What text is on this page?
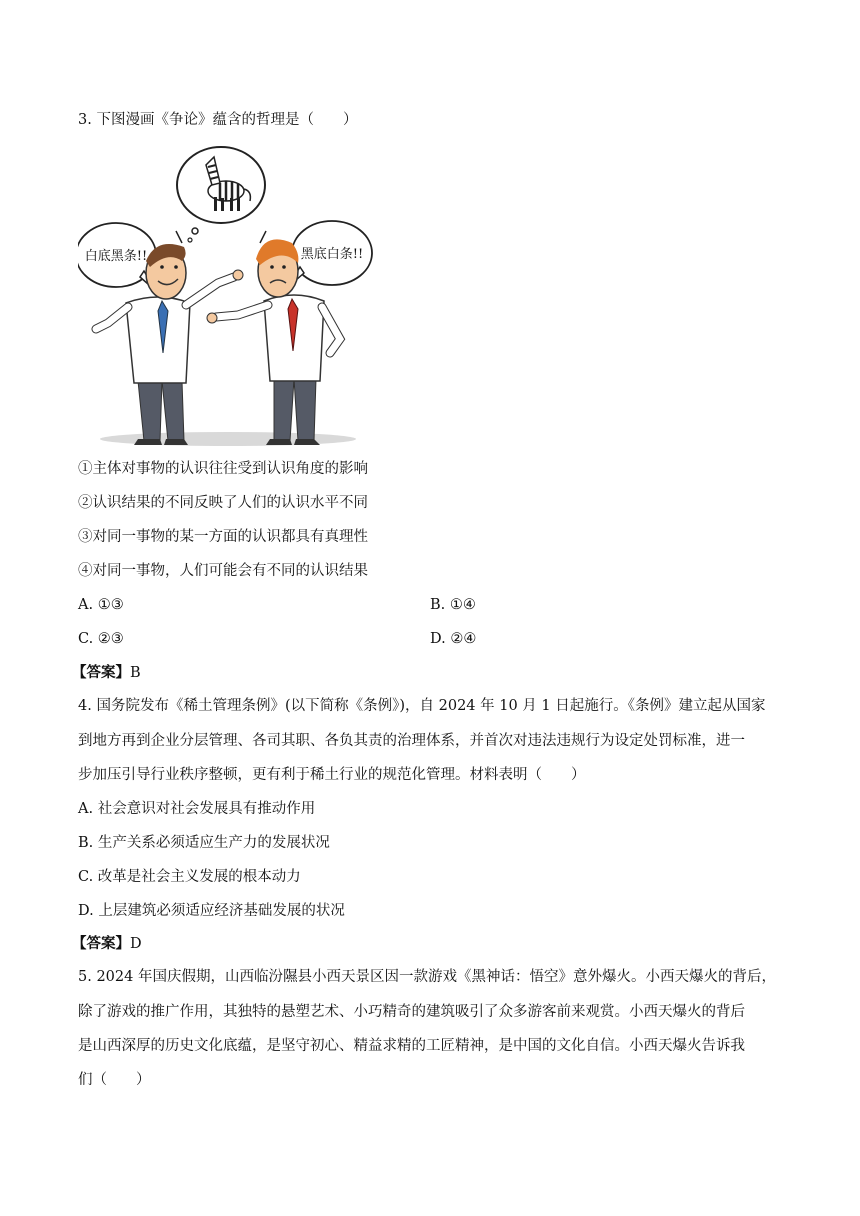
3. 下图漫画《争论》蕴含的哲理是（　　）
白底黑条!!	黑底白条!!
①主体对事物的认识往往受到认识角度的影响
②认识结果的不同反映了人们的认识水平不同
③对同一事物的某一方面的认识都具有真理性
④对同一事物，人们可能会有不同的认识结果
A. ①③	B. ①④
C. ②③	D. ②④
【答案】B
4. 国务院发布《稀土管理条例》(以下简称《条例》)，自 2024 年 10 月 1 日起施行。《条例》建立起从国家
到地方再到企业分层管理、各司其职、各负其责的治理体系，并首次对违法违规行为设定处罚标准，进一
步加压引导行业秩序整顿，更有利于稀土行业的规范化管理。材料表明（　　）
A. 社会意识对社会发展具有推动作用
B. 生产关系必须适应生产力的发展状况
C. 改革是社会主义发展的根本动力
D. 上层建筑必须适应经济基础发展的状况
【答案】D
5. 2024 年国庆假期，山西临汾隰县小西天景区因一款游戏《黑神话：悟空》意外爆火。小西天爆火的背后，
除了游戏的推广作用，其独特的悬塑艺术、小巧精奇的建筑吸引了众多游客前来观赏。小西天爆火的背后
是山西深厚的历史文化底蕴，是坚守初心、精益求精的工匠精神，是中国的文化自信。小西天爆火告诉我
们（　　）
